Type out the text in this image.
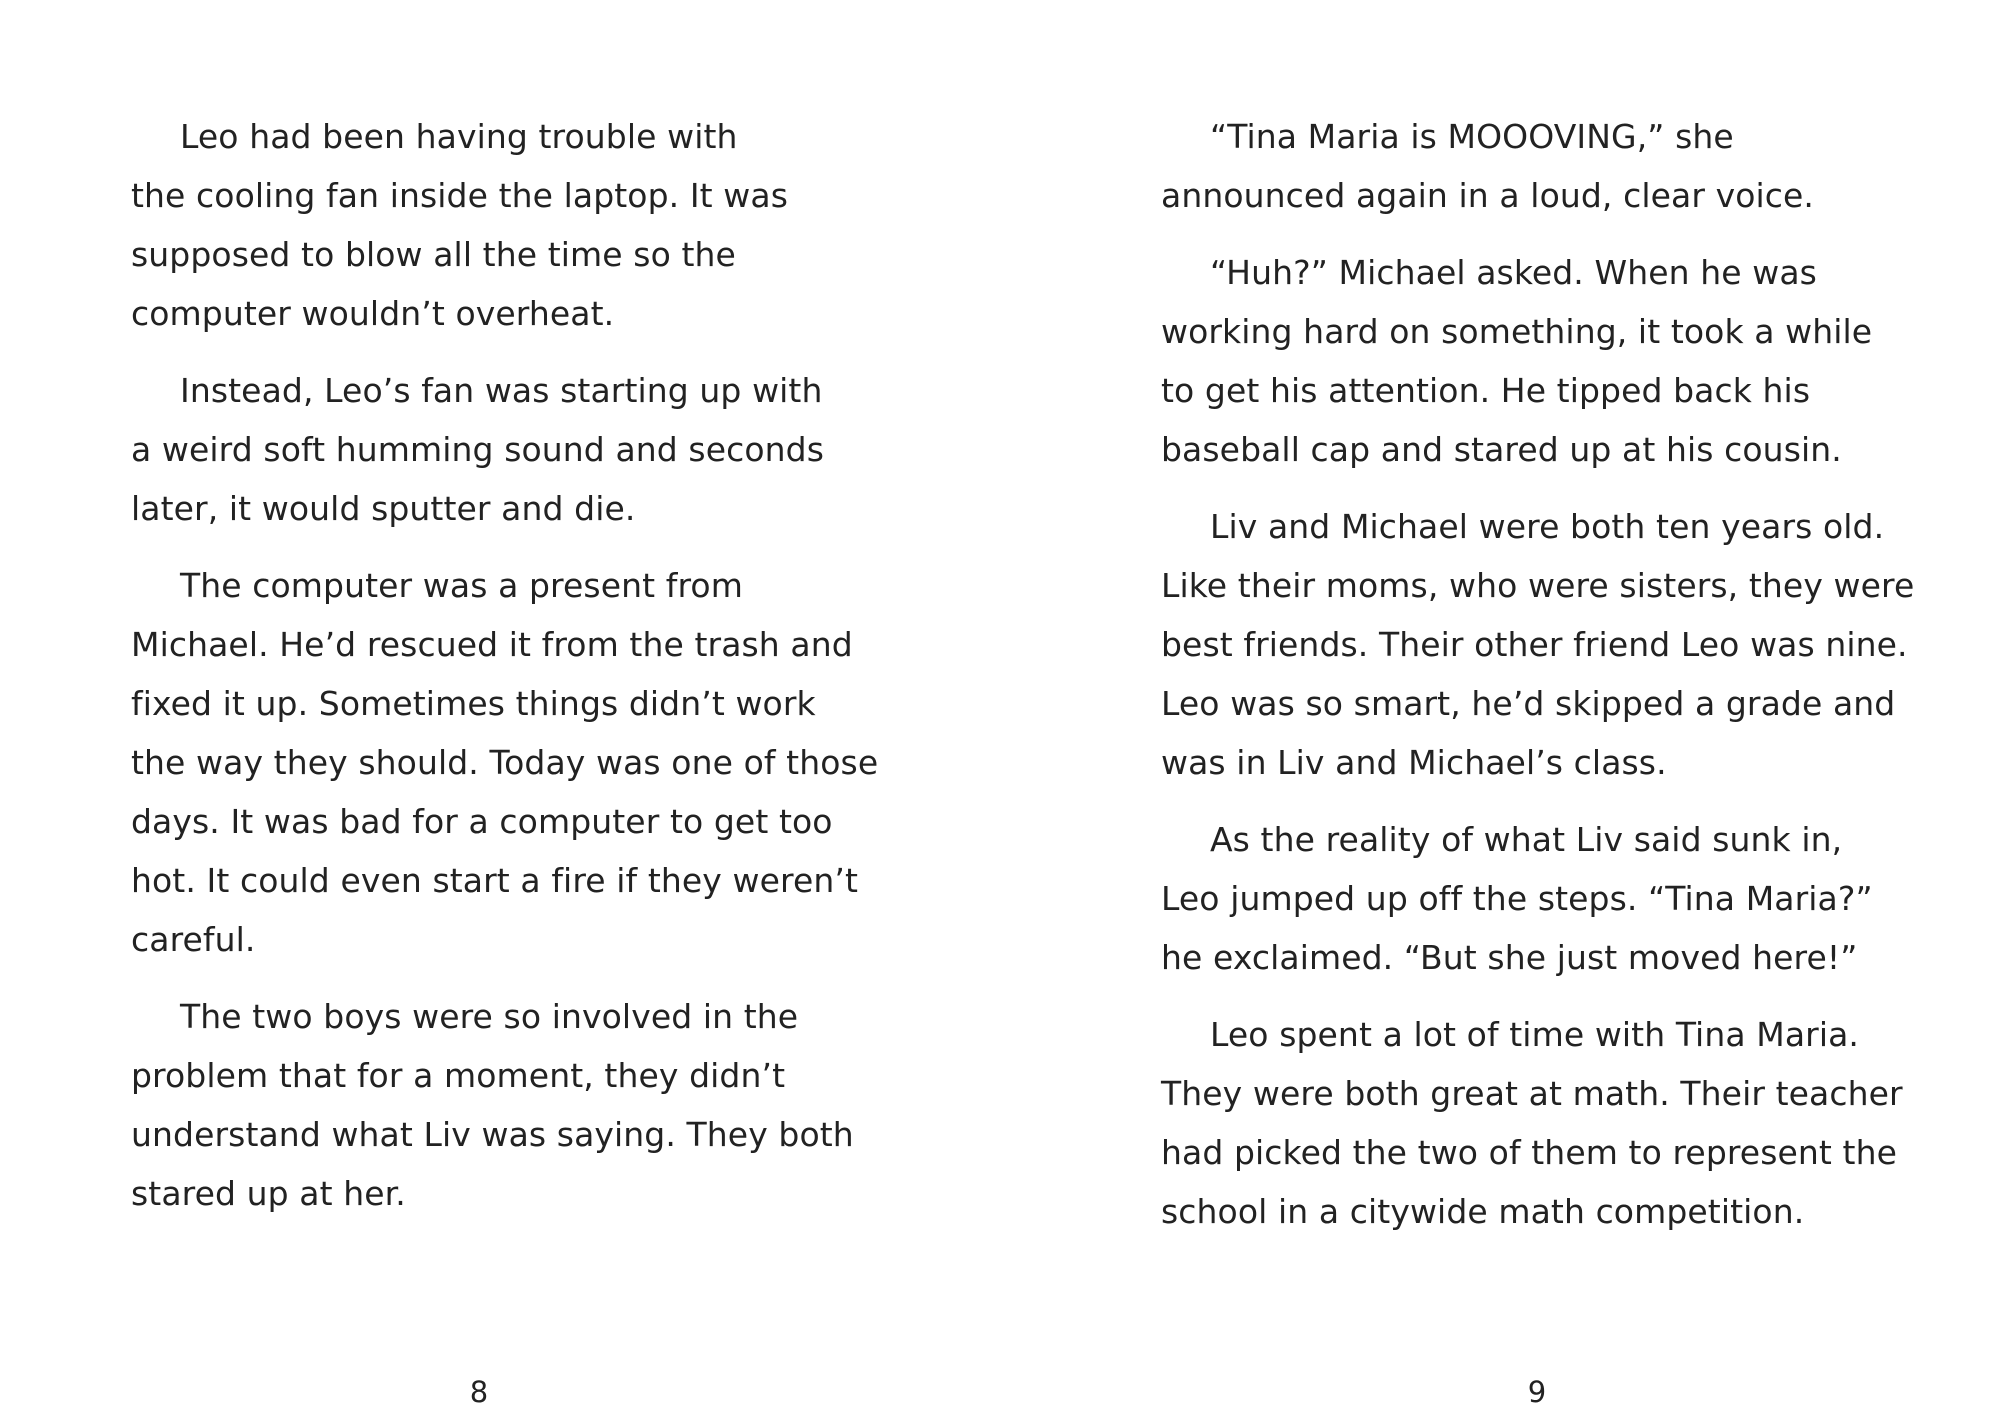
Leo had been having trouble with
the cooling fan inside the laptop. It was
supposed to blow all the time so the
computer wouldn’t overheat.

Instead, Leo’s fan was starting up with
a weird soft humming sound and seconds
later, it would sputter and die.

The computer was a present from
Michael. He’d rescued it from the trash and
fixed it up. Sometimes things didn’t work
the way they should. Today was one of those
days. It was bad for a computer to get too
hot. It could even start a fire if they weren’t
careful.

The two boys were so involved in the
problem that for a moment, they didn’t
understand what Liv was saying. They both
stared up at her.

8

“Tina Maria is MOOOVING,” she
announced again in a loud, clear voice.

“Huh?” Michael asked. When he was
working hard on something, it took a while
to get his attention. He tipped back his
baseball cap and stared up at his cousin.

Liv and Michael were both ten years old.
Like their moms, who were sisters, they were
best friends. Their other friend Leo was nine.
Leo was so smart, he’d skipped a grade and
was in Liv and Michael’s class.

As the reality of what Liv said sunk in,
Leo jumped up off the steps. “Tina Maria?”
he exclaimed. “But she just moved here!”

Leo spent a lot of time with Tina Maria.
They were both great at math. Their teacher
had picked the two of them to represent the
school in a citywide math competition.

9
